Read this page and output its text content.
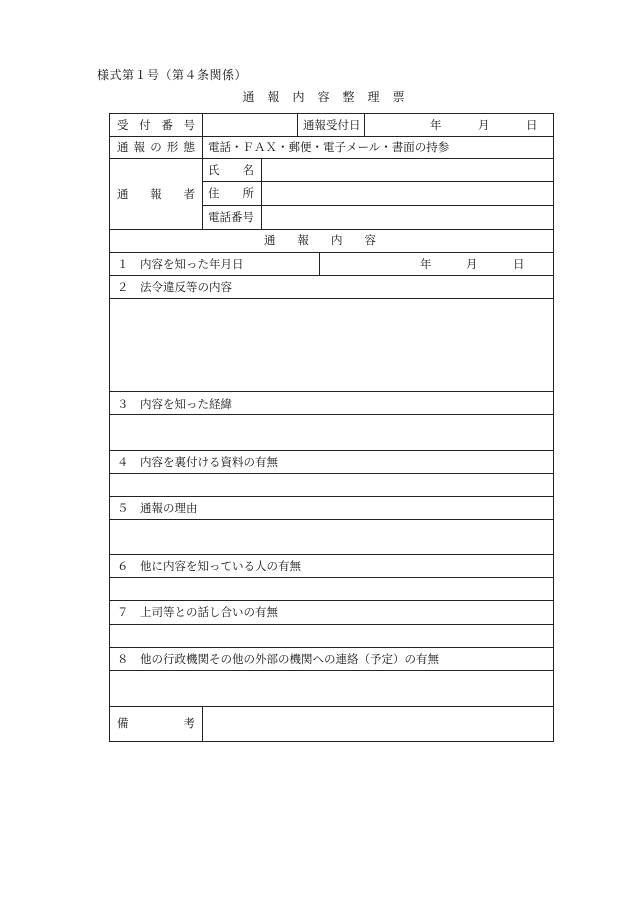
様式第１号（第４条関係）
通報内容整理票
受付番号	通報受付日	年	月	日
通報の形態 電話・ＦＡＸ・郵便・電子メール・書面の持参
通報者
氏名
住所
電話番号
通報内容
１　内容を知った年月日	年	月	日
２　法令違反等の内容
３　内容を知った経緯
４　内容を裏付ける資料の有無
５　通報の理由
６　他に内容を知っている人の有無
７　上司等との話し合いの有無
８　他の行政機関その他の外部の機関への連絡（予定）の有無
備考
